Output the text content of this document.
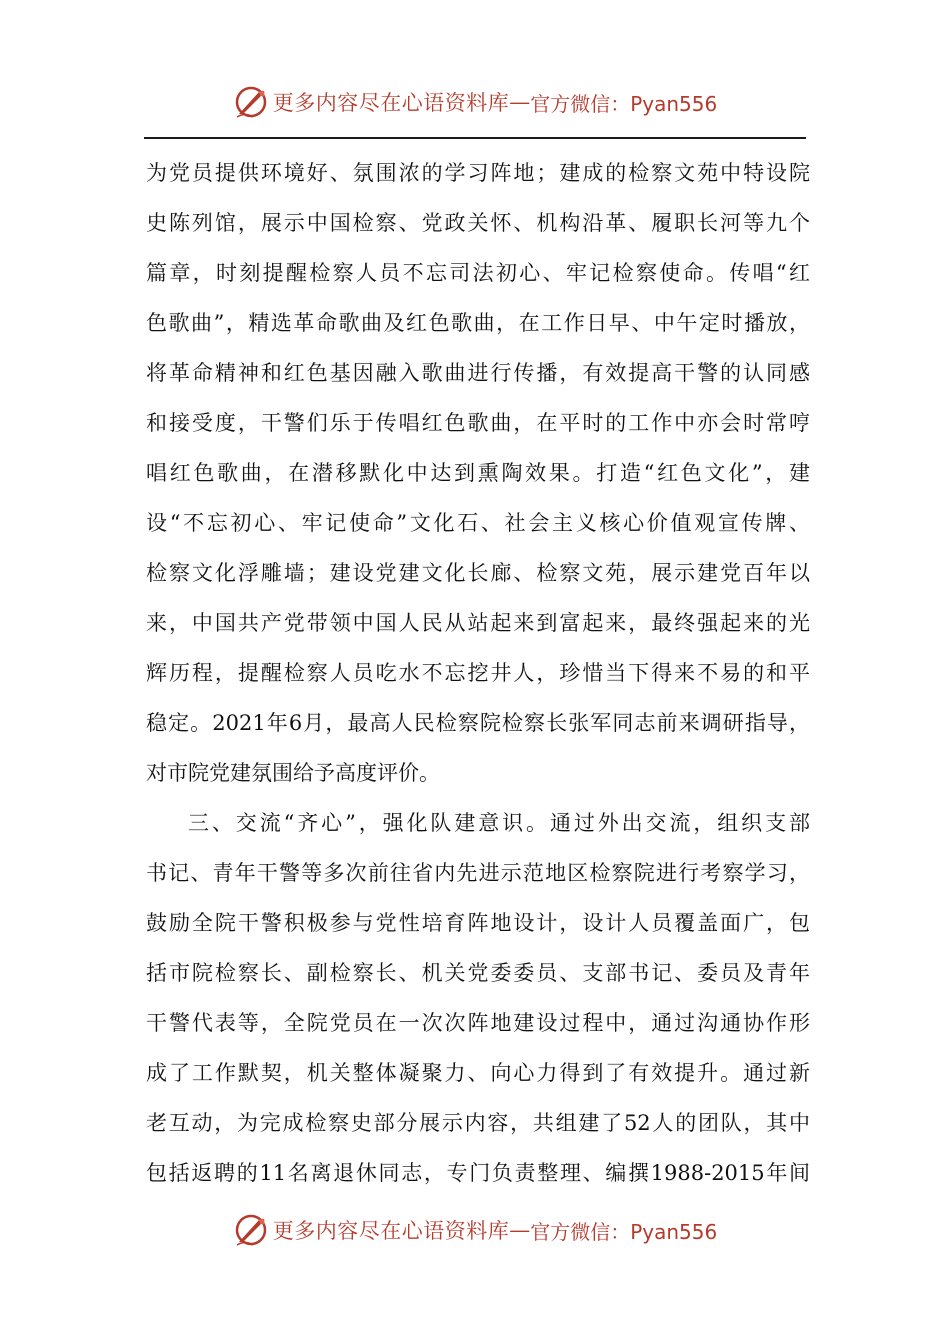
更多内容尽在心语资料库 — 官方微信：Pyan556
为党员提供环境好、氛围浓的学习阵地；建成的检察文苑中特设院
史陈列馆，展示中国检察、党政关怀、机构沿革、履职长河等九个
篇章，时刻提醒检察人员不忘司法初心、牢记检察使命。传唱“红
色歌曲”，精选革命歌曲及红色歌曲，在工作日早、中午定时播放，
将革命精神和红色基因融入歌曲进行传播，有效提高干警的认同感
和接受度，干警们乐于传唱红色歌曲，在平时的工作中亦会时常哼
唱红色歌曲，在潜移默化中达到熏陶效果。打造“红色文化”，建
设“不忘初心、牢记使命”文化石、社会主义核心价值观宣传牌、
检察文化浮雕墙；建设党建文化长廊、检察文苑，展示建党百年以
来，中国共产党带领中国人民从站起来到富起来，最终强起来的光
辉历程，提醒检察人员吃水不忘挖井人，珍惜当下得来不易的和平
稳定。2021年6月，最高人民检察院检察长张军同志前来调研指导，
对市院党建氛围给予高度评价。
三、交流“齐心”，强化队建意识。通过外出交流，组织支部
书记、青年干警等多次前往省内先进示范地区检察院进行考察学习，
鼓励全院干警积极参与党性培育阵地设计，设计人员覆盖面广，包
括市院检察长、副检察长、机关党委委员、支部书记、委员及青年
干警代表等，全院党员在一次次阵地建设过程中，通过沟通协作形
成了工作默契，机关整体凝聚力、向心力得到了有效提升。通过新
老互动，为完成检察史部分展示内容，共组建了52人的团队，其中
包括返聘的11名离退休同志，专门负责整理、编撰1988-2015年间
更多内容尽在心语资料库 — 官方微信：Pyan556
